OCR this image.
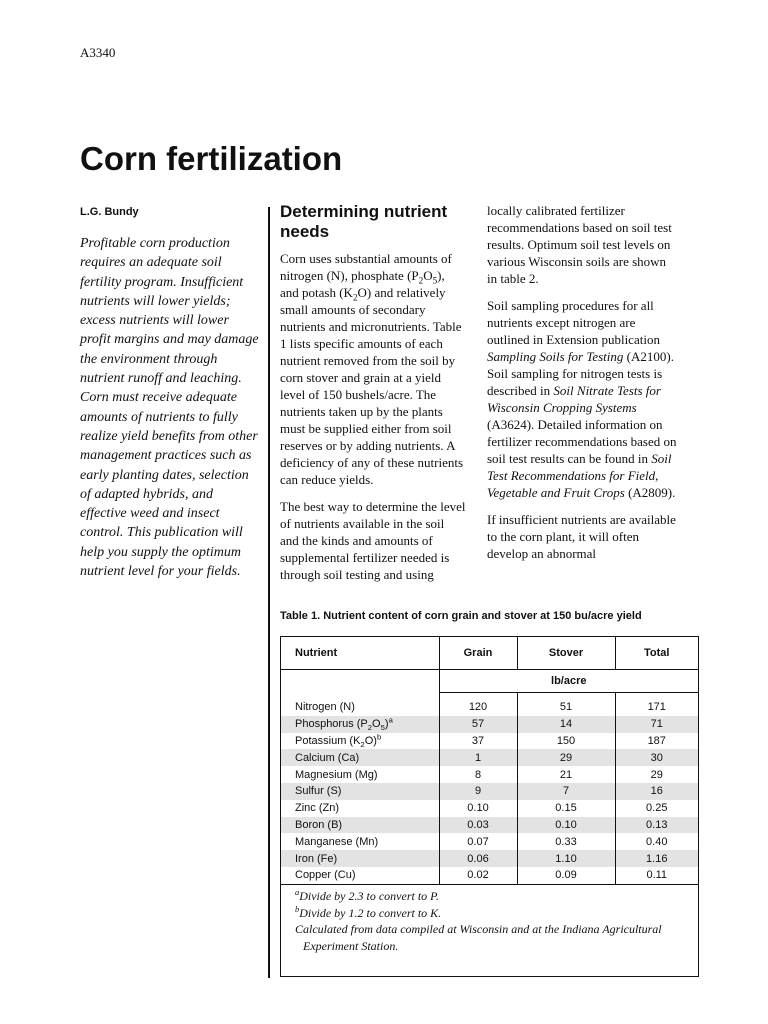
A3340
Corn fertilization
L.G. Bundy

Profitable corn production requires an adequate soil fertility program. Insufficient nutrients will lower yields; excess nutrients will lower profit margins and may damage the environment through nutrient runoff and leaching. Corn must receive adequate amounts of nutrients to fully realize yield benefits from other management practices such as early planting dates, selection of adapted hybrids, and effective weed and insect control. This publication will help you supply the optimum nutrient level for your fields.

Determining nutrient needs

Corn uses substantial amounts of nitrogen (N), phosphate $(P_2O_5)$, and potash $(K_2O)$ and relatively small amounts of secondary nutrients and micronutrients. Table 1 lists specific amounts of each nutrient removed from the soil by corn stover and grain at a yield level of 150 bushels/acre. The nutrients taken up by the plants must be supplied either from soil reserves or by adding nutrients. A deficiency of any of these nutrients can reduce yields.

The best way to determine the level of nutrients available in the soil and the kinds and amounts of supplemental fertilizer needed is through soil testing and using

locally calibrated fertilizer recommendations based on soil test results. Optimum soil test levels on various Wisconsin soils are shown in table 2.

Soil sampling procedures for all nutrients except nitrogen are outlined in Extension publication Sampling Soils for Testing (A2100). Soil sampling for nitrogen tests is described in Soil Nitrate Tests for Wisconsin Cropping Systems (A3624). Detailed information on fertilizer recommendations based on soil test results can be found in Soil Test Recommendations for Field, Vegetable and Fruit Crops (A2809).

If insufficient nutrients are available to the corn plant, it will often develop an abnormal

Table 1. Nutrient content of corn grain and stover at 150 bu/acre yield
Nutrient	Grain	Stover	Total
	lb/acre		

Nitrogen (N)	120	51	171
Phosphorus $(P_2O_5)^a$	57	14	71
Potassium $(K_2O)^b$	37	150	187
Calcium (Ca)	1	29	30
Magnesium (Mg)	8	21	29
Sulfur (S)	9	7	16
Zinc (Zn)	0.10	0.15	0.25
Boron (B)	0.03	0.10	0.13
Manganese (Mn)	0.07	0.33	0.40
Iron (Fe)	0.06	1.10	1.16
Copper (Cu)	0.02	0.09	0.11

$^a$Divide by 2.3 to convert to P.

$^b$Divide by 1.2 to convert to K.

Calculated from data compiled at Wisconsin and at the Indiana Agricultural

Experiment Station.
